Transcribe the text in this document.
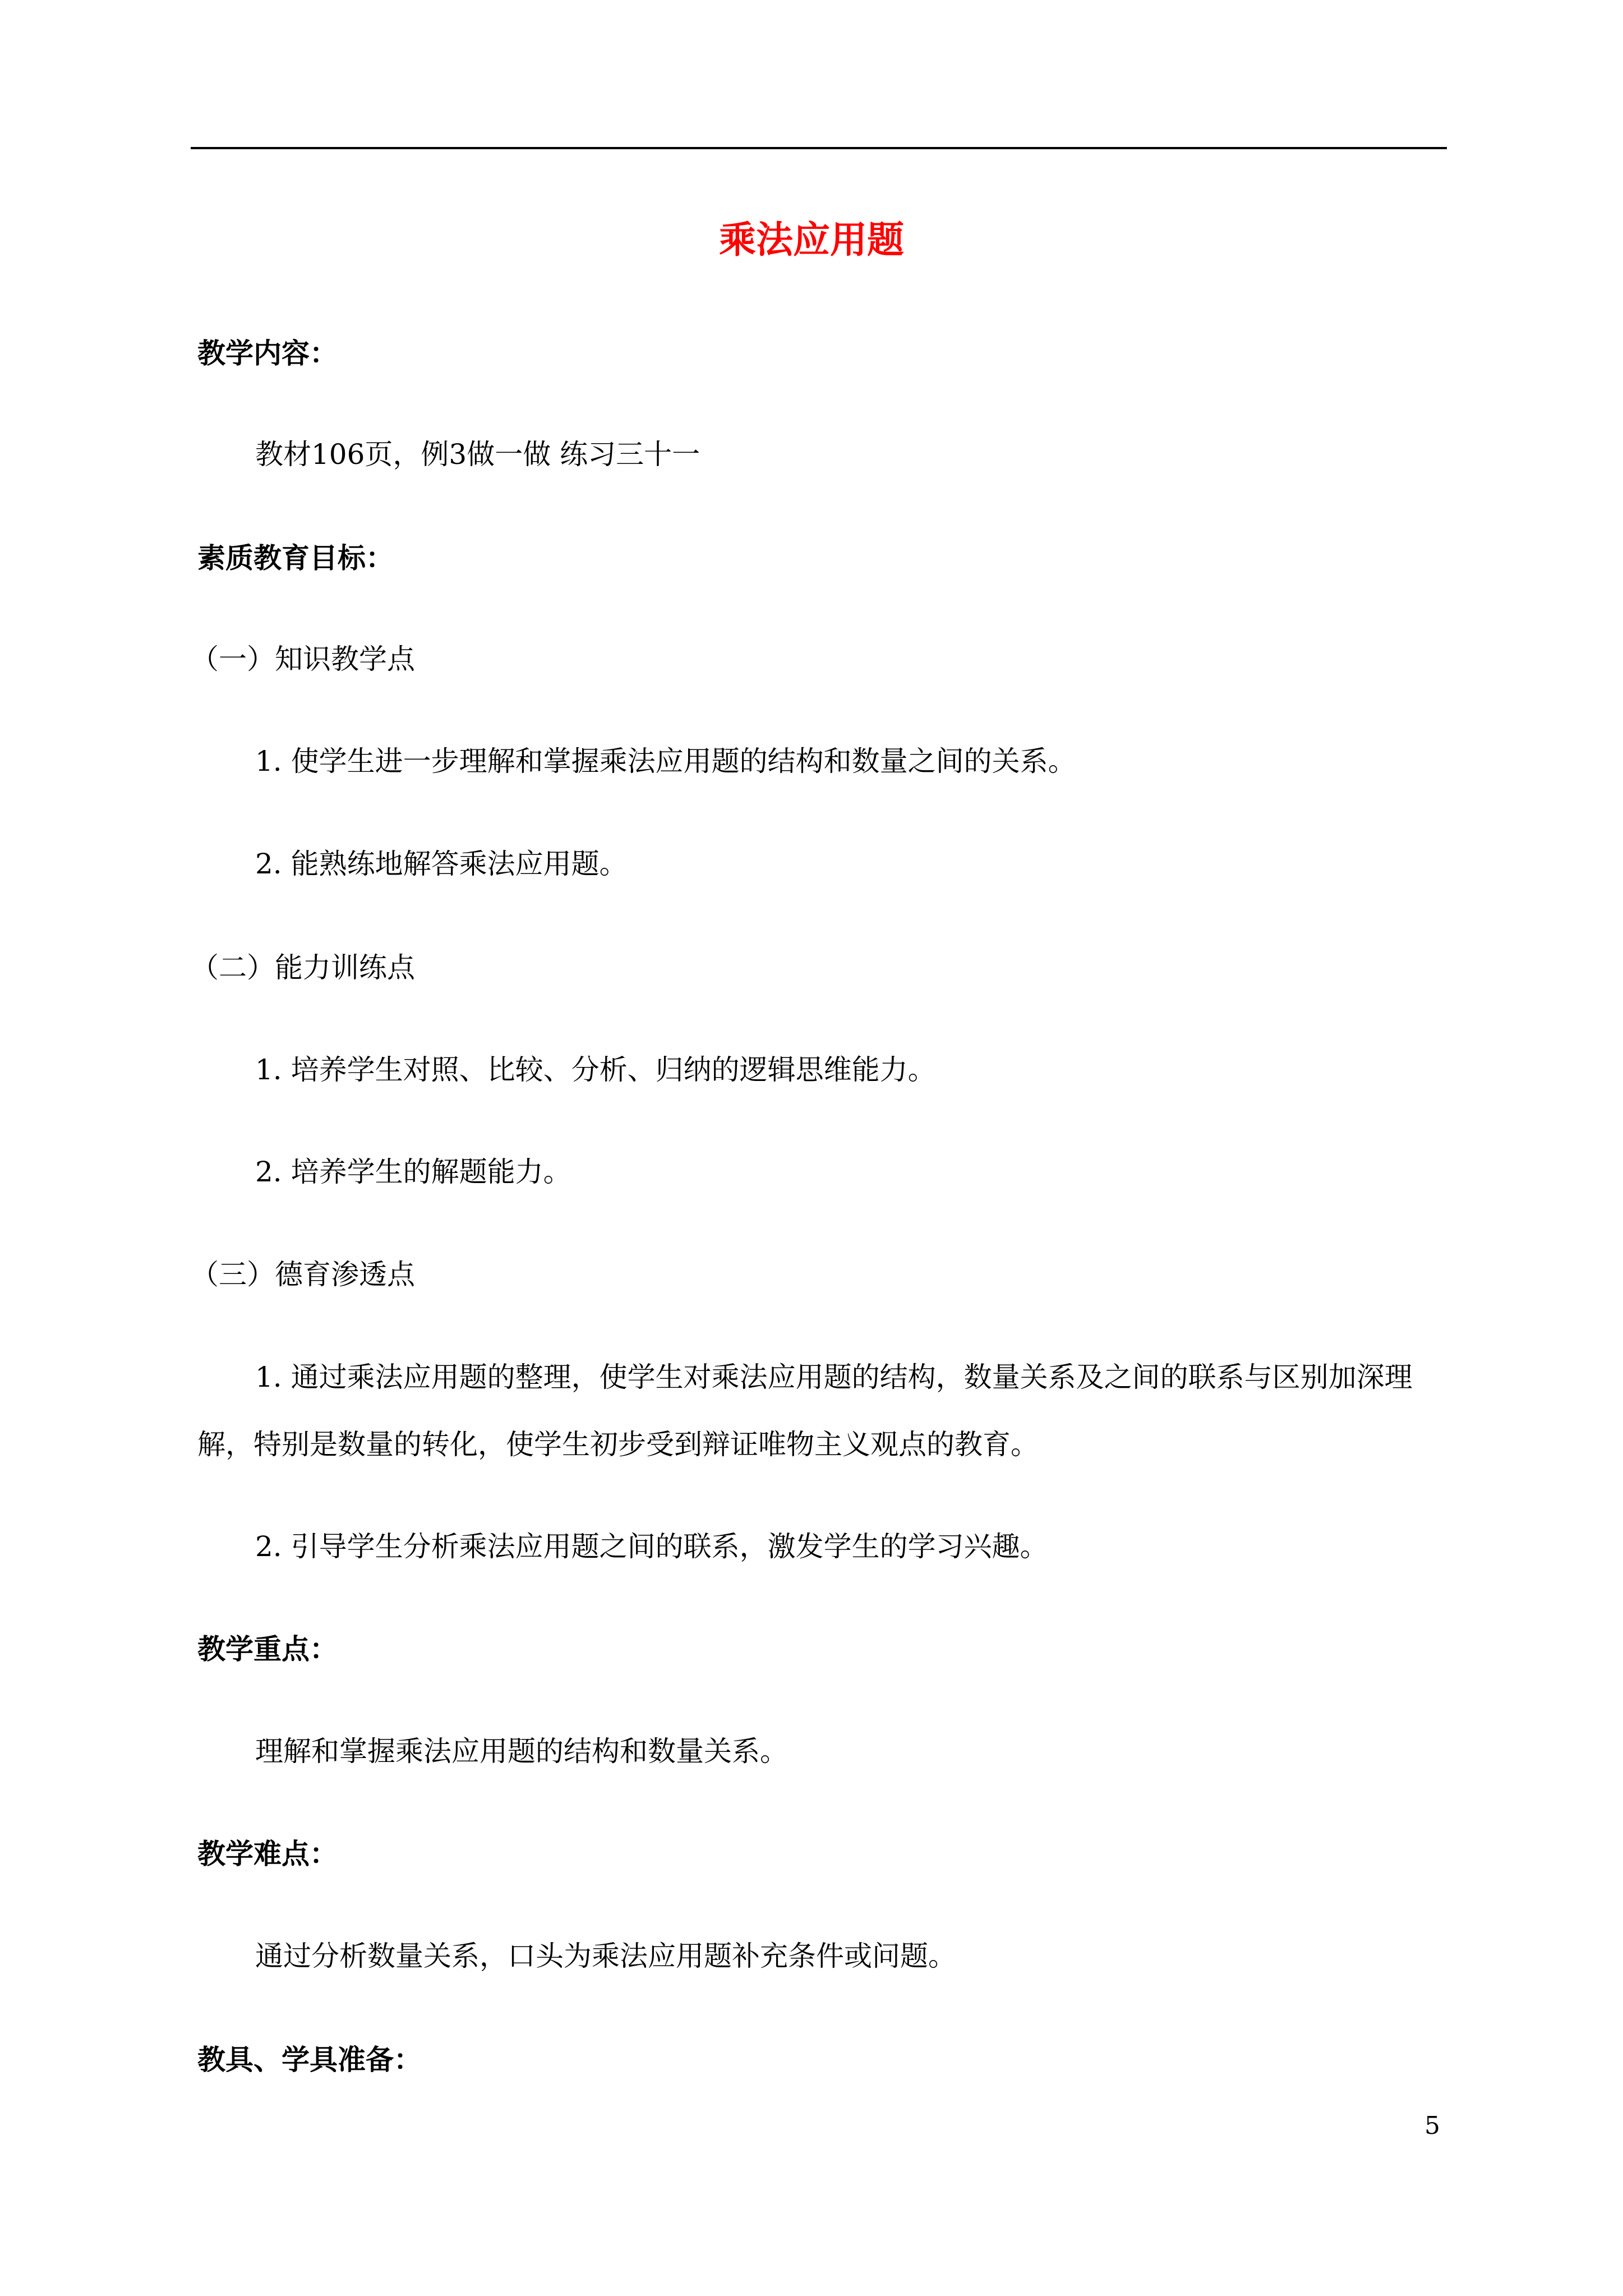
乘法应用题
教学内容：
教材106页，例3做一做 练习三十一
素质教育目标：
（一）知识教学点
1. 使学生进一步理解和掌握乘法应用题的结构和数量之间的关系。
2. 能熟练地解答乘法应用题。
（二）能力训练点
1. 培养学生对照、比较、分析、归纳的逻辑思维能力。
2. 培养学生的解题能力。
（三）德育渗透点
1. 通过乘法应用题的整理，使学生对乘法应用题的结构，数量关系及之间的联系与区别加深理
解，特别是数量的转化，使学生初步受到辩证唯物主义观点的教育。
2. 引导学生分析乘法应用题之间的联系，激发学生的学习兴趣。
教学重点：
理解和掌握乘法应用题的结构和数量关系。
教学难点：
通过分析数量关系，口头为乘法应用题补充条件或问题。
教具、学具准备：
5
